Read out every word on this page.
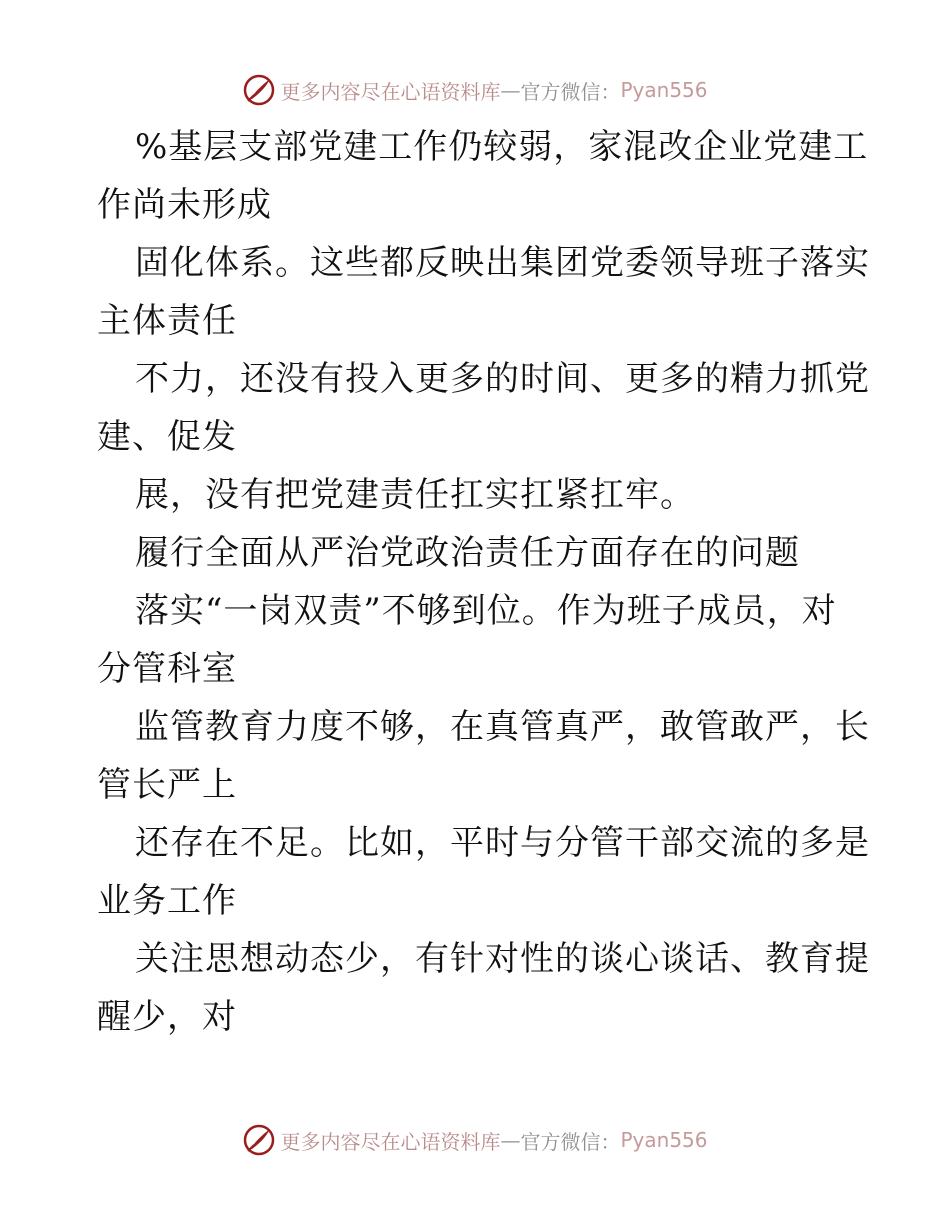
更多内容尽在心语资料库 — 官方微信： Pyan556
%基层支部党建工作仍较弱，家混改企业党建工
作尚未形成
固化体系。这些都反映出集团党委领导班子落实
主体责任
不力，还没有投入更多的时间、更多的精力抓党
建、促发
展，没有把党建责任扛实扛紧扛牢。
履行全面从严治党政治责任方面存在的问题
落实“一岗双责”不够到位。作为班子成员，对
分管科室
监管教育力度不够，在真管真严，敢管敢严，长
管长严上
还存在不足。比如，平时与分管干部交流的多是
业务工作
关注思想动态少，有针对性的谈心谈话、教育提
醒少，对
更多内容尽在心语资料库 — 官方微信： Pyan556
